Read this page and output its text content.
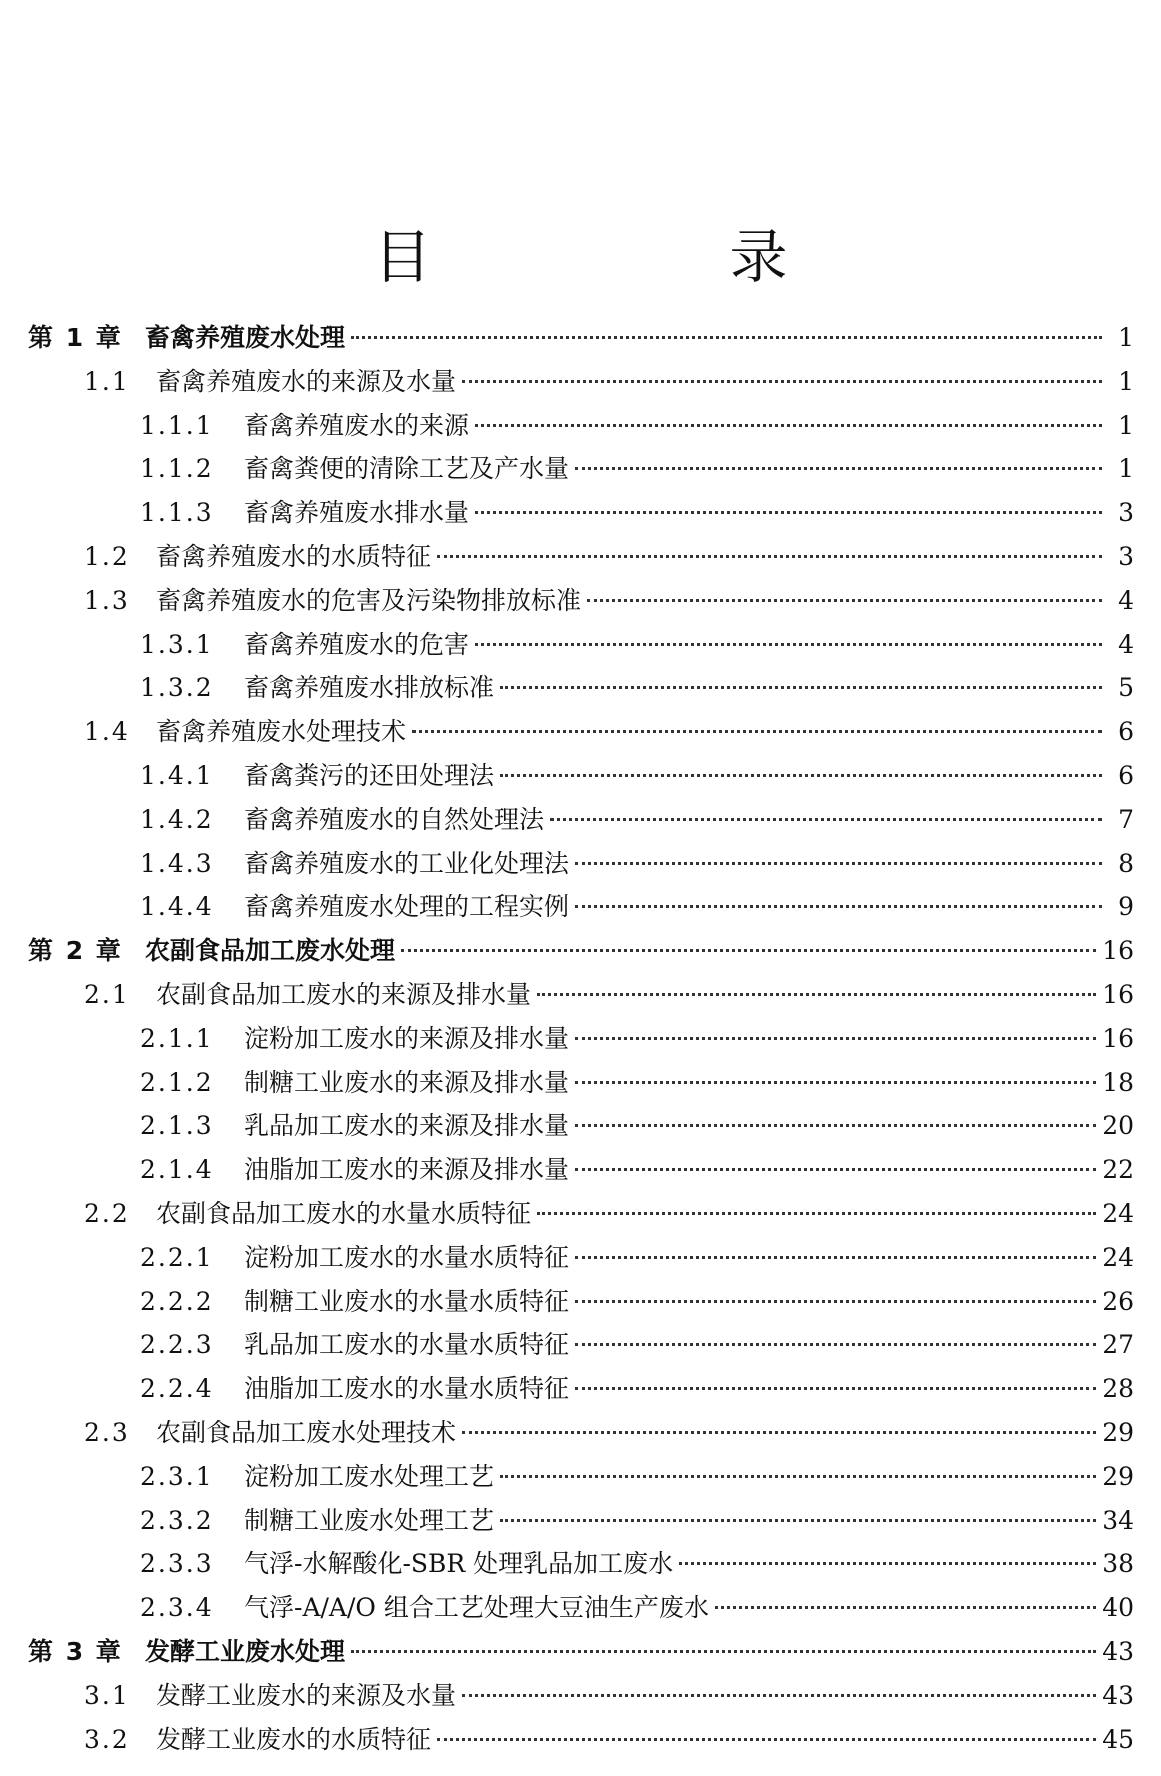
目　录
第 1 章 畜禽养殖废水处理	1
1.1	畜禽养殖废水的来源及水量	1
1.1.1	畜禽养殖废水的来源	1
1.1.2	畜禽粪便的清除工艺及产水量	1
1.1.3	畜禽养殖废水排水量	3
1.2	畜禽养殖废水的水质特征	3
1.3	畜禽养殖废水的危害及污染物排放标准	4
1.3.1	畜禽养殖废水的危害	4
1.3.2	畜禽养殖废水排放标准	5
1.4	畜禽养殖废水处理技术	6
1.4.1	畜禽粪污的还田处理法	6
1.4.2	畜禽养殖废水的自然处理法	7
1.4.3	畜禽养殖废水的工业化处理法	8
1.4.4	畜禽养殖废水处理的工程实例	9
第 2 章 农副食品加工废水处理	16
2.1	农副食品加工废水的来源及排水量	16
2.1.1	淀粉加工废水的来源及排水量	16
2.1.2	制糖工业废水的来源及排水量	18
2.1.3	乳品加工废水的来源及排水量	20
2.1.4	油脂加工废水的来源及排水量	22
2.2	农副食品加工废水的水量水质特征	24
2.2.1	淀粉加工废水的水量水质特征	24
2.2.2	制糖工业废水的水量水质特征	26
2.2.3	乳品加工废水的水量水质特征	27
2.2.4	油脂加工废水的水量水质特征	28
2.3	农副食品加工废水处理技术	29
2.3.1	淀粉加工废水处理工艺	29
2.3.2	制糖工业废水处理工艺	34
2.3.3	气浮-水解酸化-SBR 处理乳品加工废水	38
2.3.4	气浮-A/A/O 组合工艺处理大豆油生产废水	40
第 3 章 发酵工业废水处理	43
3.1	发酵工业废水的来源及水量	43
3.2	发酵工业废水的水质特征	45
